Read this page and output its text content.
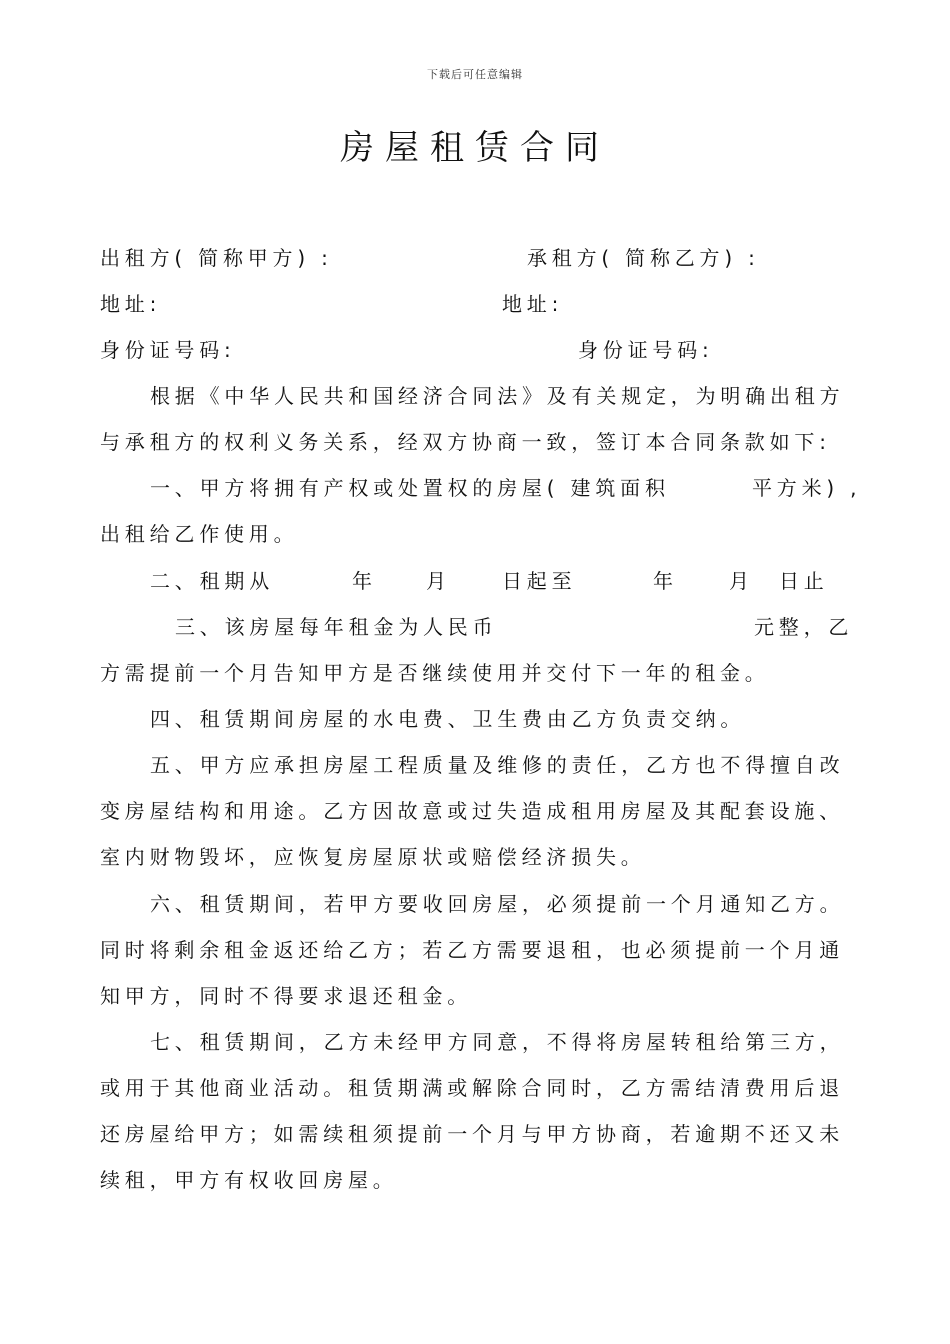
下载后可任意编辑
房屋租赁合同
出租方( 简称甲方) :	承租方( 简称乙方) :
地址:	地址:
身份证号码:	身份证号码:
根据《中华人民共和国经济合同法》及有关规定，为明确出租方
与承租方的权利义务关系，经双方协商一致，签订本合同条款如下:
一、甲方将拥有产权或处置权的房屋( 建筑面积	平方米) ,
出租给乙作使用。
二、租期从	年 月	日起至	年	月 日止
三、该房屋每年租金为人民币	元整，乙
方需提前一个月告知甲方是否继续使用并交付下一年的租金。
四、租赁期间房屋的水电费、卫生费由乙方负责交纳。
五、甲方应承担房屋工程质量及维修的责任，乙方也不得擅自改
变房屋结构和用途。乙方因故意或过失造成租用房屋及其配套设施、
室内财物毁坏，应恢复房屋原状或赔偿经济损失。
六、租赁期间，若甲方要收回房屋，必须提前一个月通知乙方。
同时将剩余租金返还给乙方；若乙方需要退租，也必须提前一个月通
知甲方，同时不得要求退还租金。
七、租赁期间，乙方未经甲方同意，不得将房屋转租给第三方，
或用于其他商业活动。租赁期满或解除合同时，乙方需结清费用后退
还房屋给甲方；如需续租须提前一个月与甲方协商，若逾期不还又未
续租，甲方有权收回房屋。
